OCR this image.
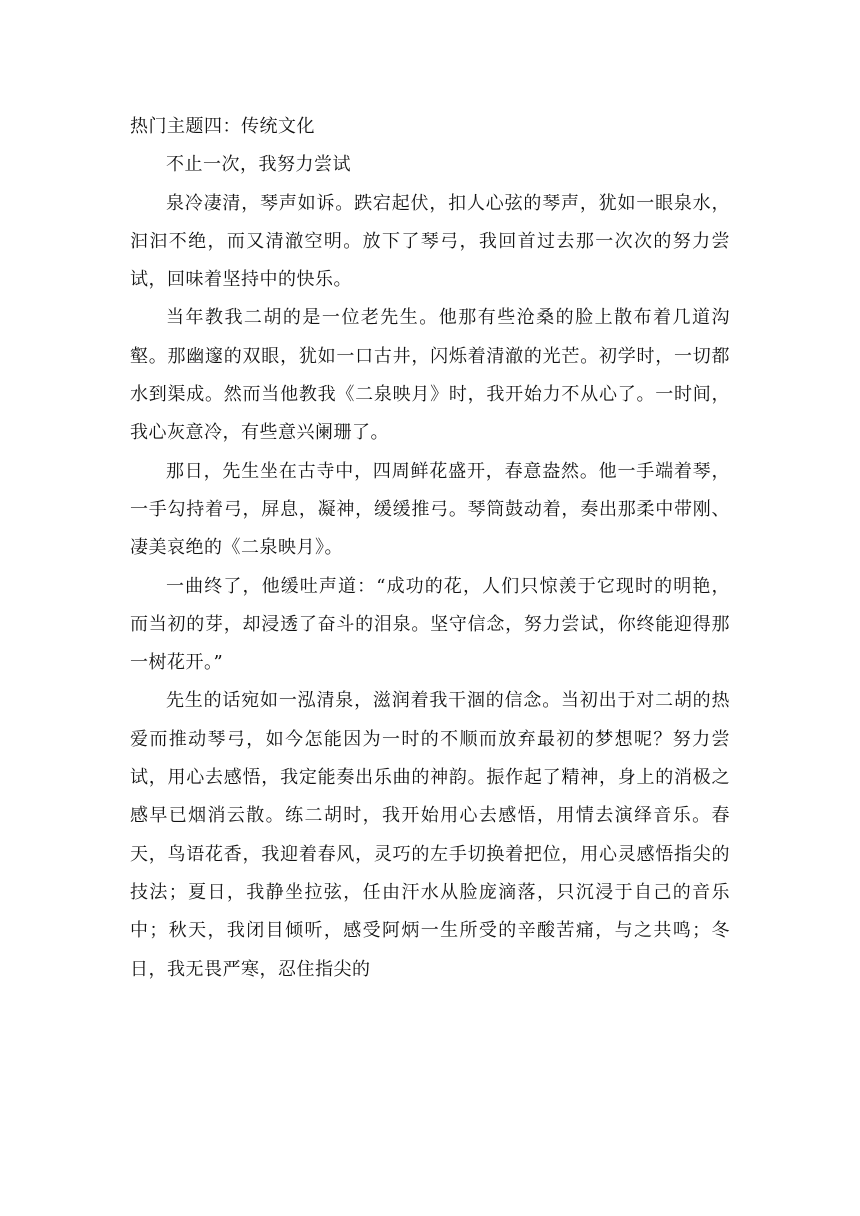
热门主题四：传统文化

不止一次，我努力尝试

泉冷凄清，琴声如诉。跌宕起伏，扣人心弦的琴声，犹如一眼泉水，汩汩不绝，而又清澈空明。放下了琴弓，我回首过去那一次次的努力尝试，回味着坚持中的快乐。

当年教我二胡的是一位老先生。他那有些沧桑的脸上散布着几道沟壑。那幽邃的双眼，犹如一口古井，闪烁着清澈的光芒。初学时，一切都水到渠成。然而当他教我《二泉映月》时，我开始力不从心了。一时间，我心灰意冷，有些意兴阑珊了。

那日，先生坐在古寺中，四周鲜花盛开，春意盎然。他一手端着琴，一手勾持着弓，屏息，凝神，缓缓推弓。琴筒鼓动着，奏出那柔中带刚、凄美哀绝的《二泉映月》。

一曲终了，他缓吐声道：“成功的花，人们只惊羡于它现时的明艳，而当初的芽，却浸透了奋斗的泪泉。坚守信念，努力尝试，你终能迎得那一树花开。”

先生的话宛如一泓清泉，滋润着我干涸的信念。当初出于对二胡的热爱而推动琴弓，如今怎能因为一时的不顺而放弃最初的梦想呢？努力尝试，用心去感悟，我定能奏出乐曲的神韵。振作起了精神，身上的消极之感早已烟消云散。练二胡时，我开始用心去感悟，用情去演绎音乐。春天，鸟语花香，我迎着春风，灵巧的左手切换着把位，用心灵感悟指尖的技法；夏日，我静坐拉弦，任由汗水从脸庞滴落，只沉浸于自己的音乐中；秋天，我闭目倾听，感受阿炳一生所受的辛酸苦痛，与之共鸣；冬日，我无畏严寒，忍住指尖的
